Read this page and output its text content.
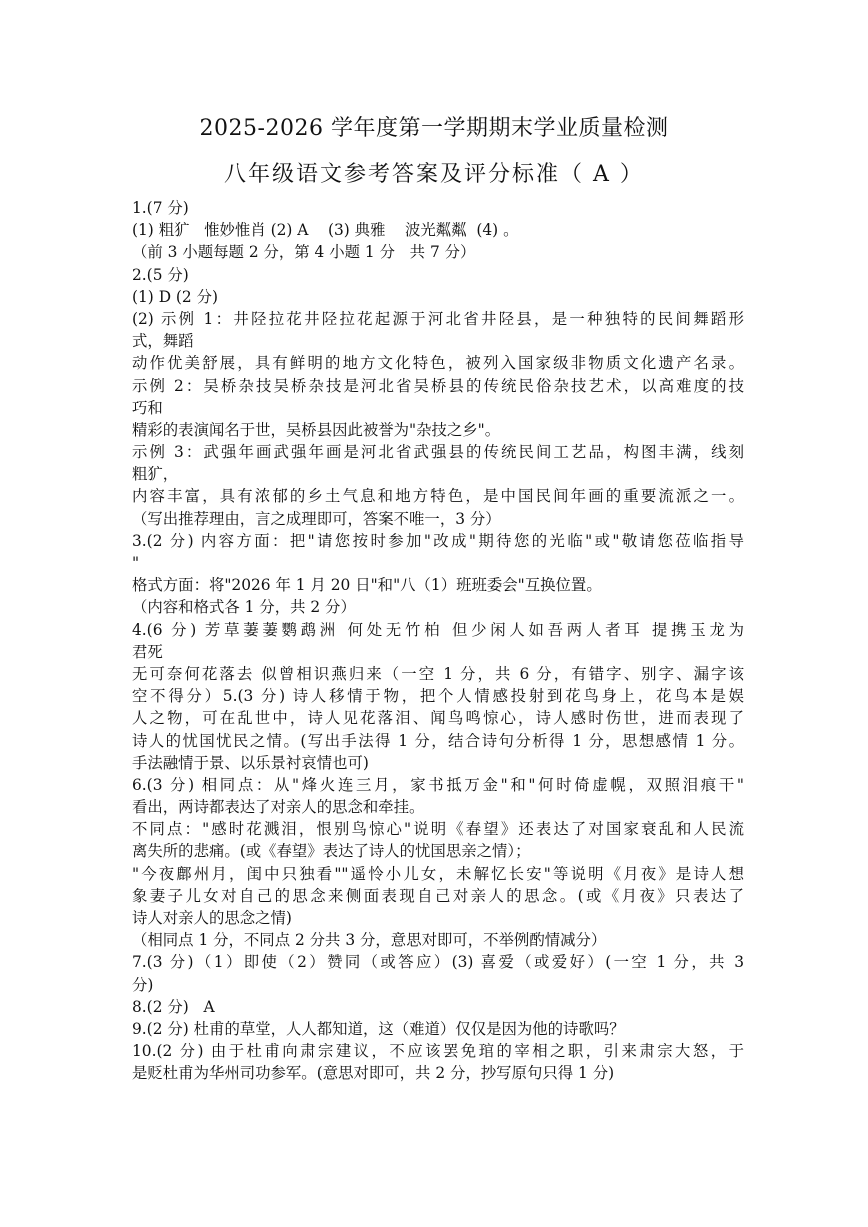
2025-2026 学年度第一学期期末学业质量检测
八年级语文参考答案及评分标准（ A ）
1.(7 分)
(1) 粗犷   惟妙惟肖 (2) A    (3) 典雅    波光粼粼  (4) 。
（前 3 小题每题 2 分，第 4 小题 1 分   共 7 分）
2.(5 分)
(1) D (2 分)
(2) 示例 1：井陉拉花井陉拉花起源于河北省井陉县，是一种独特的民间舞蹈形
式，舞蹈
动作优美舒展，具有鲜明的地方文化特色，被列入国家级非物质文化遗产名录。
示例 2：吴桥杂技吴桥杂技是河北省吴桥县的传统民俗杂技艺术，以高难度的技
巧和
精彩的表演闻名于世，吴桥县因此被誉为"杂技之乡"。
示例 3：武强年画武强年画是河北省武强县的传统民间工艺品，构图丰满，线刻
粗犷，
内容丰富，具有浓郁的乡土气息和地方特色，是中国民间年画的重要流派之一。
（写出推荐理由，言之成理即可，答案不唯一，3 分）
3.(2 分) 内容方面：把"请您按时参加"改成"期待您的光临"或"敬请您莅临指导
"
格式方面：将"2026 年 1 月 20 日"和"八（1）班班委会"互换位置。
（内容和格式各 1 分，共 2 分）
4.(6 分) 芳草萋萋鹦鹉洲 何处无竹柏 但少闲人如吾两人者耳 提携玉龙为
君死
无可奈何花落去 似曾相识燕归来（一空 1 分，共 6 分，有错字、别字、漏字该
空不得分）5.(3 分) 诗人移情于物，把个人情感投射到花鸟身上，花鸟本是娱
人之物，可在乱世中，诗人见花落泪、闻鸟鸣惊心，诗人感时伤世，进而表现了
诗人的忧国忧民之情。(写出手法得 1 分，结合诗句分析得 1 分，思想感情 1 分。
手法融情于景、以乐景衬哀情也可)
6.(3 分) 相同点：从"烽火连三月，家书抵万金"和"何时倚虚幌，双照泪痕干"
看出，两诗都表达了对亲人的思念和牵挂。
不同点："感时花溅泪，恨别鸟惊心"说明《春望》还表达了对国家衰乱和人民流
离失所的悲痛。(或《春望》表达了诗人的忧国思亲之情）；
"今夜鄜州月，闺中只独看""遥怜小儿女，未解忆长安"等说明《月夜》是诗人想
象妻子儿女对自己的思念来侧面表现自己对亲人的思念。(或《月夜》只表达了
诗人对亲人的思念之情)
（相同点 1 分，不同点 2 分共 3 分，意思对即可，不举例酌情减分）
7.(3 分)（1）即使（2）赞同（或答应）(3) 喜爱（或爱好）(一空 1 分，共 3
分)
8.(2 分)   A
9.(2 分) 杜甫的草堂，人人都知道，这（难道）仅仅是因为他的诗歌吗？
10.(2 分) 由于杜甫向肃宗建议，不应该罢免琯的宰相之职，引来肃宗大怒，于
是贬杜甫为华州司功参军。(意思对即可，共 2 分，抄写原句只得 1 分)
